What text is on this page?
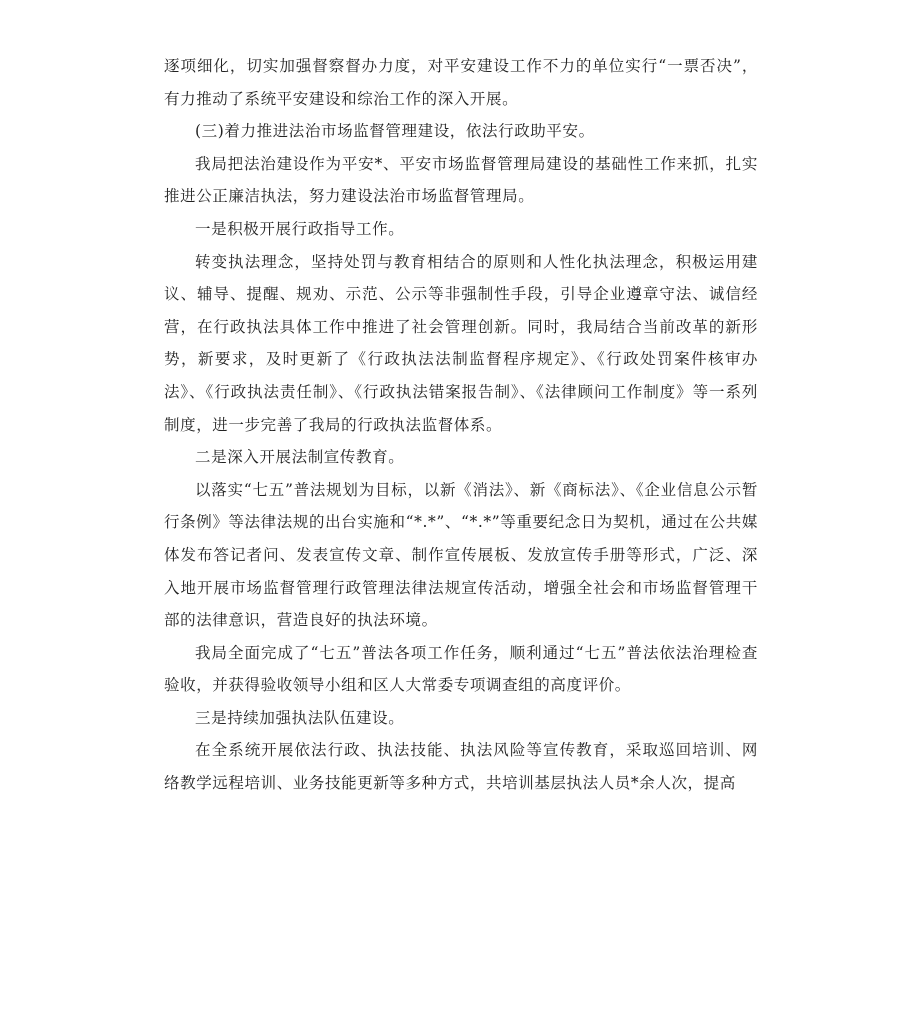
逐项细化，切实加强督察督办力度，对平安建设工作不力的单位实行“一票否决”，有力推动了系统平安建设和综治工作的深入开展。

(三)着力推进法治市场监督管理建设，依法行政助平安。

我局把法治建设作为平安*、平安市场监督管理局建设的基础性工作来抓，扎实推进公正廉洁执法，努力建设法治市场监督管理局。

一是积极开展行政指导工作。

转变执法理念，坚持处罚与教育相结合的原则和人性化执法理念，积极运用建议、辅导、提醒、规劝、示范、公示等非强制性手段，引导企业遵章守法、诚信经营，在行政执法具体工作中推进了社会管理创新。同时，我局结合当前改革的新形势，新要求，及时更新了《行政执法法制监督程序规定》、《行政处罚案件核审办法》、《行政执法责任制》、《行政执法错案报告制》、《法律顾问工作制度》等一系列制度，进一步完善了我局的行政执法监督体系。

二是深入开展法制宣传教育。

以落实“七五”普法规划为目标，以新《消法》、新《商标法》、《企业信息公示暂行条例》等法律法规的出台实施和“*.*”、“*.*”等重要纪念日为契机，通过在公共媒体发布答记者问、发表宣传文章、制作宣传展板、发放宣传手册等形式，广泛、深入地开展市场监督管理行政管理法律法规宣传活动，增强全社会和市场监督管理干部的法律意识，营造良好的执法环境。

我局全面完成了“七五”普法各项工作任务，顺利通过“七五”普法依法治理检查验收，并获得验收领导小组和区人大常委专项调查组的高度评价。

三是持续加强执法队伍建设。

在全系统开展依法行政、执法技能、执法风险等宣传教育，采取巡回培训、网络教学远程培训、业务技能更新等多种方式，共培训基层执法人员*余人次，提高
